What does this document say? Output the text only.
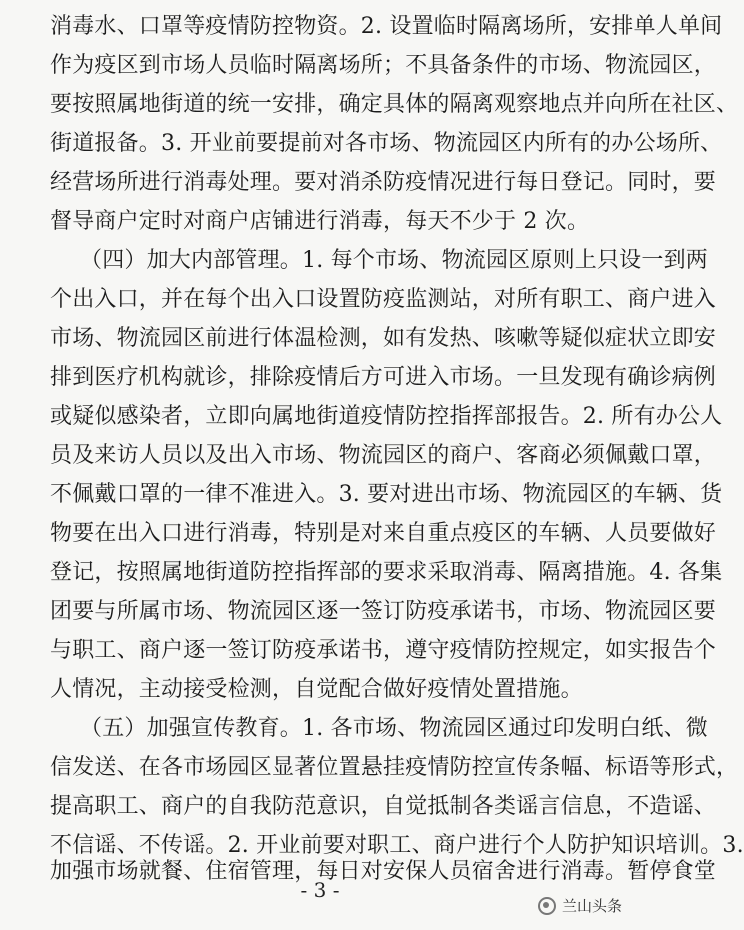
消毒水、口罩等疫情防控物资。2. 设置临时隔离场所，安排单人单间
作为疫区到市场人员临时隔离场所；不具备条件的市场、物流园区，
要按照属地街道的统一安排，确定具体的隔离观察地点并向所在社区、
街道报备。3. 开业前要提前对各市场、物流园区内所有的办公场所、
经营场所进行消毒处理。要对消杀防疫情况进行每日登记。同时，要
督导商户定时对商户店铺进行消毒，每天不少于 2 次。
（四）加大内部管理。1. 每个市场、物流园区原则上只设一到两
个出入口，并在每个出入口设置防疫监测站，对所有职工、商户进入
市场、物流园区前进行体温检测，如有发热、咳嗽等疑似症状立即安
排到医疗机构就诊，排除疫情后方可进入市场。一旦发现有确诊病例
或疑似感染者，立即向属地街道疫情防控指挥部报告。2. 所有办公人
员及来访人员以及出入市场、物流园区的商户、客商必须佩戴口罩，
不佩戴口罩的一律不准进入。3. 要对进出市场、物流园区的车辆、货
物要在出入口进行消毒，特别是对来自重点疫区的车辆、人员要做好
登记，按照属地街道防控指挥部的要求采取消毒、隔离措施。4. 各集
团要与所属市场、物流园区逐一签订防疫承诺书，市场、物流园区要
与职工、商户逐一签订防疫承诺书，遵守疫情防控规定，如实报告个
人情况，主动接受检测，自觉配合做好疫情处置措施。
（五）加强宣传教育。1. 各市场、物流园区通过印发明白纸、微
信发送、在各市场园区显著位置悬挂疫情防控宣传条幅、标语等形式，
提高职工、商户的自我防范意识，自觉抵制各类谣言信息，不造谣、
不信谣、不传谣。2. 开业前要对职工、商户进行个人防护知识培训。3.
加强市场就餐、住宿管理，每日对安保人员宿舍进行消毒。暂停食堂
- 3 -
兰山头条
